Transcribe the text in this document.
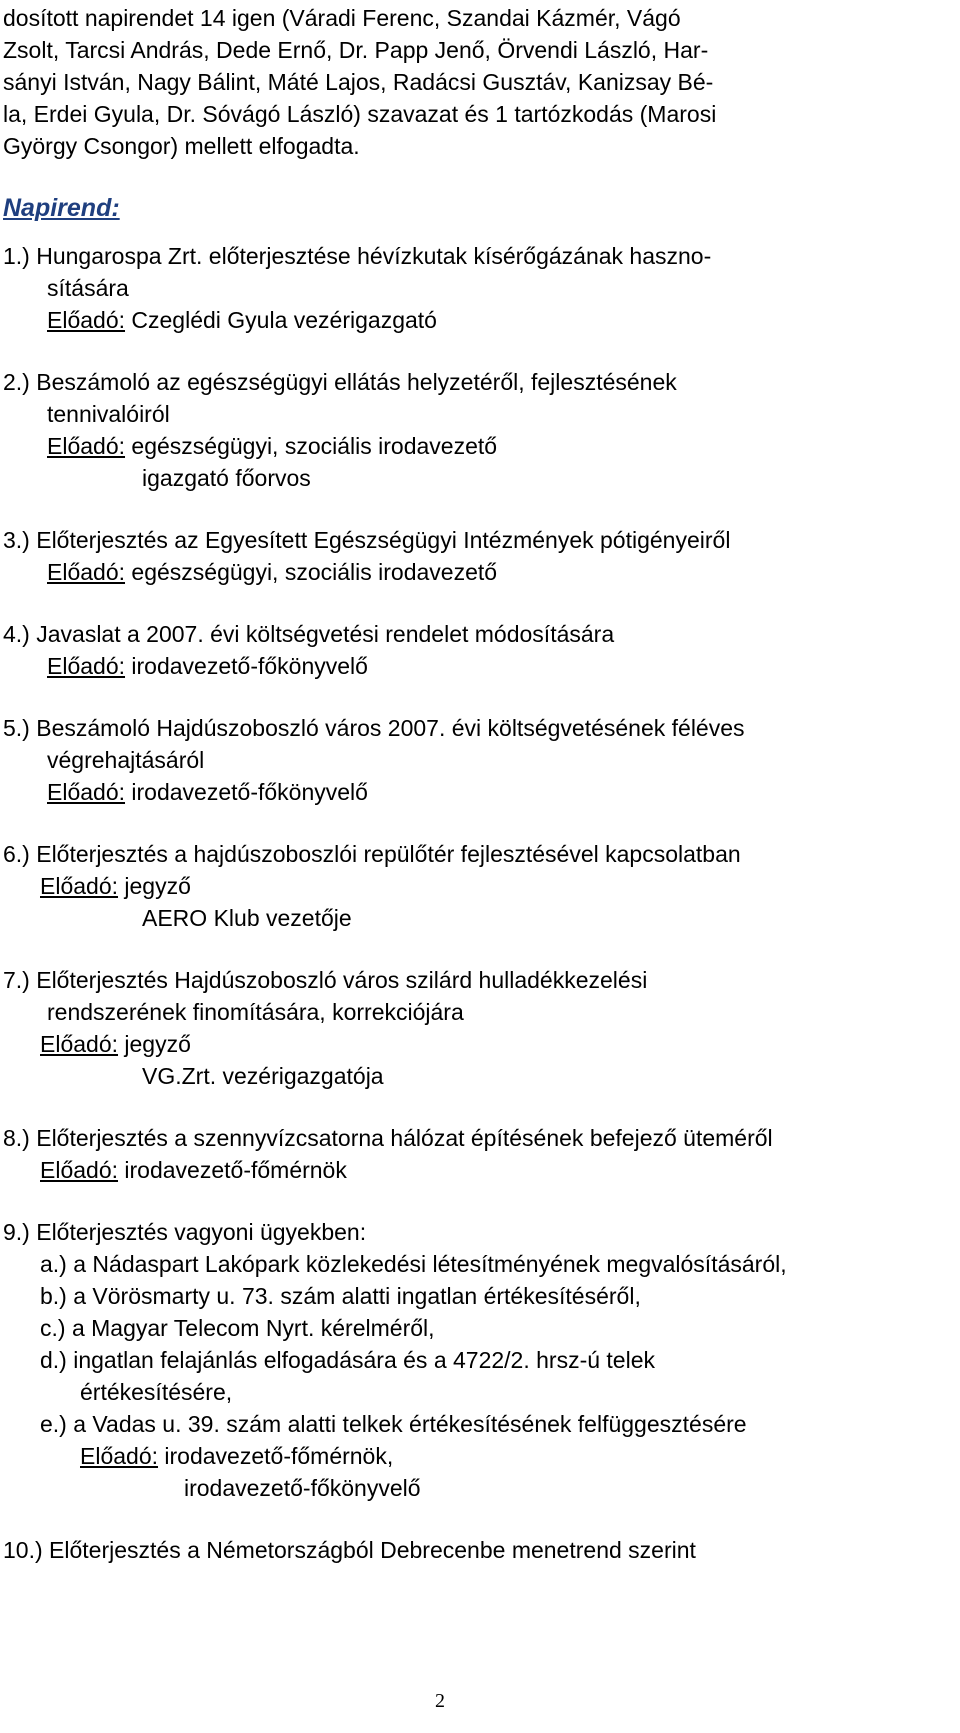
dosított napirendet 14 igen (Váradi Ferenc, Szandai Kázmér, Vágó

Zsolt, Tarcsi András, Dede Ernő, Dr. Papp Jenő, Örvendi László, Har-

sányi István, Nagy Bálint, Máté Lajos, Radácsi Gusztáv, Kanizsay Bé-

la, Erdei Gyula, Dr. Sóvágó László) szavazat és 1 tartózkodás (Marosi

György Csongor) mellett elfogadta.

Napirend:

1.) Hungarospa Zrt. előterjesztése hévízkutak kísérőgázának haszno-

sítására

Előadó: Czeglédi Gyula vezérigazgató

2.) Beszámoló az egészségügyi ellátás helyzetéről, fejlesztésének

tennivalóiról

Előadó: egészségügyi, szociális irodavezető

igazgató főorvos

3.) Előterjesztés az Egyesített Egészségügyi Intézmények pótigényeiről

Előadó: egészségügyi, szociális irodavezető

4.) Javaslat a 2007. évi költségvetési rendelet módosítására

Előadó: irodavezető-főkönyvelő

5.) Beszámoló Hajdúszoboszló város 2007. évi költségvetésének féléves

végrehajtásáról

Előadó: irodavezető-főkönyvelő

6.) Előterjesztés a hajdúszoboszlói repülőtér fejlesztésével kapcsolatban

Előadó: jegyző

AERO Klub vezetője

7.) Előterjesztés Hajdúszoboszló város szilárd hulladékkezelési

rendszerének finomítására, korrekciójára

Előadó: jegyző

VG.Zrt. vezérigazgatója

8.) Előterjesztés a szennyvízcsatorna hálózat építésének befejező üteméről

Előadó: irodavezető-főmérnök

9.) Előterjesztés vagyoni ügyekben:

a.) a Nádaspart Lakópark közlekedési létesítményének megvalósításáról,

b.) a Vörösmarty u. 73. szám alatti ingatlan értékesítéséről,

c.) a Magyar Telecom Nyrt. kérelméről,

d.) ingatlan felajánlás elfogadására és a 4722/2. hrsz-ú telek

értékesítésére,

e.) a Vadas u. 39. szám alatti telkek értékesítésének felfüggesztésére

Előadó: irodavezető-főmérnök,

irodavezető-főkönyvelő

10.) Előterjesztés a Németországból Debrecenbe menetrend szerint

2
